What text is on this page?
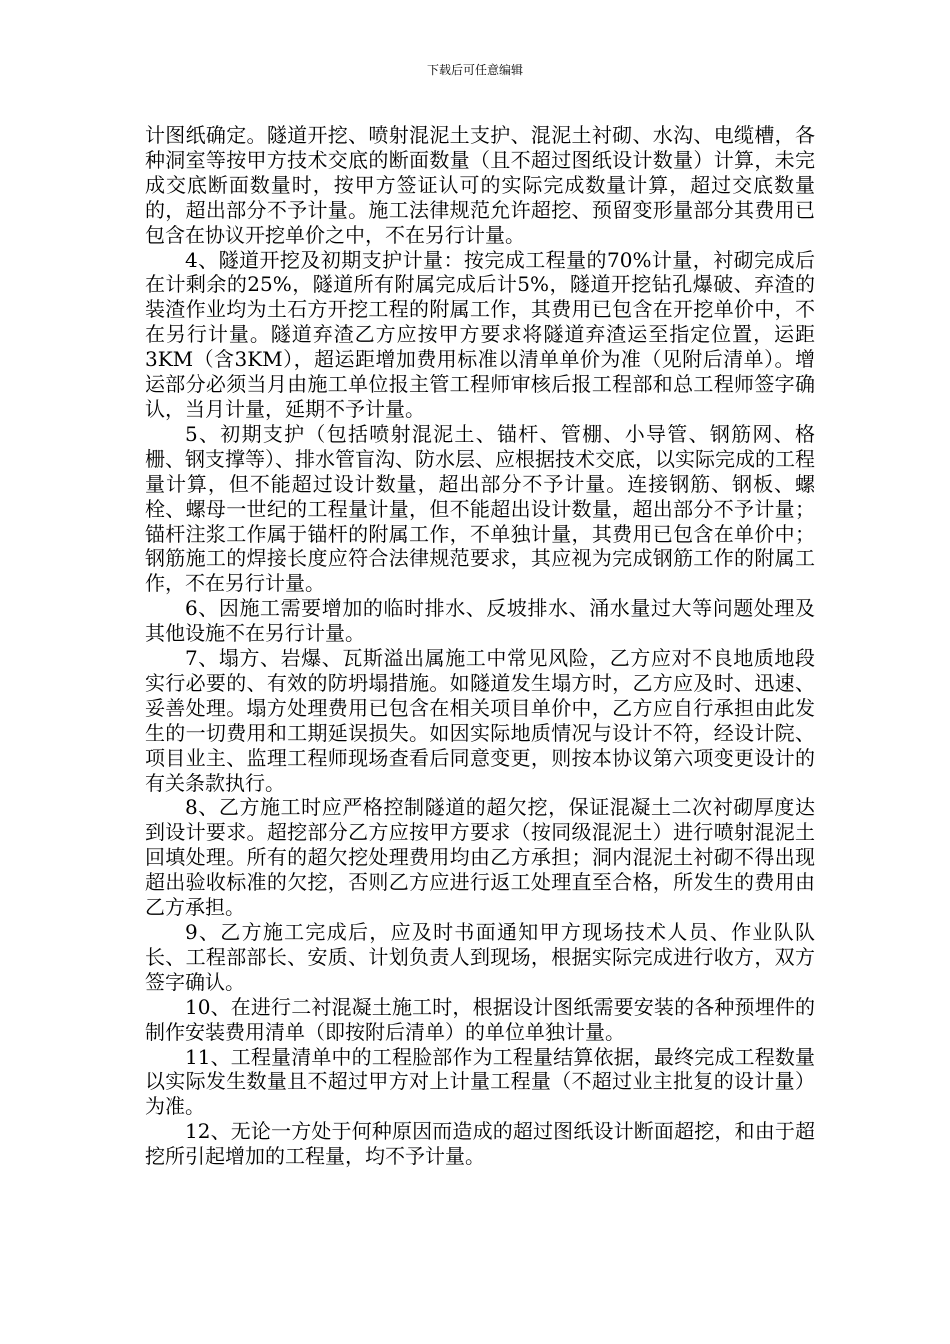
下载后可任意编辑

计图纸确定。隧道开挖、喷射混泥土支护、混泥土衬砌、水沟、电缆槽，各种洞室等按甲方技术交底的断面数量（且不超过图纸设计数量）计算，未完成交底断面数量时，按甲方签证认可的实际完成数量计算，超过交底数量的，超出部分不予计量。施工法律规范允许超挖、预留变形量部分其费用已包含在协议开挖单价之中，不在另行计量。

4、隧道开挖及初期支护计量：按完成工程量的70%计量，衬砌完成后在计剩余的25%，隧道所有附属完成后计5%，隧道开挖钻孔爆破、弃渣的装渣作业均为土石方开挖工程的附属工作，其费用已包含在开挖单价中，不在另行计量。隧道弃渣乙方应按甲方要求将隧道弃渣运至指定位置，运距3KM（含3KM），超运距增加费用标准以清单单价为准（见附后清单）。增运部分必须当月由施工单位报主管工程师审核后报工程部和总工程师签字确认，当月计量，延期不予计量。

5、初期支护（包括喷射混泥土、锚杆、管棚、小导管、钢筋网、格栅、钢支撑等）、排水管盲沟、防水层、应根据技术交底，以实际完成的工程量计算，但不能超过设计数量，超出部分不予计量。连接钢筋、钢板、螺栓、螺母一世纪的工程量计量，但不能超出设计数量，超出部分不予计量；锚杆注浆工作属于锚杆的附属工作，不单独计量，其费用已包含在单价中；钢筋施工的焊接长度应符合法律规范要求，其应视为完成钢筋工作的附属工作，不在另行计量。

6、因施工需要增加的临时排水、反坡排水、涌水量过大等问题处理及其他设施不在另行计量。

7、塌方、岩爆、瓦斯溢出属施工中常见风险，乙方应对不良地质地段实行必要的、有效的防坍塌措施。如隧道发生塌方时，乙方应及时、迅速、妥善处理。塌方处理费用已包含在相关项目单价中，乙方应自行承担由此发生的一切费用和工期延误损失。如因实际地质情况与设计不符，经设计院、项目业主、监理工程师现场查看后同意变更，则按本协议第六项变更设计的有关条款执行。

8、乙方施工时应严格控制隧道的超欠挖，保证混凝土二次衬砌厚度达到设计要求。超挖部分乙方应按甲方要求（按同级混泥土）进行喷射混泥土回填处理。所有的超欠挖处理费用均由乙方承担；洞内混泥土衬砌不得出现超出验收标准的欠挖，否则乙方应进行返工处理直至合格，所发生的费用由乙方承担。

9、乙方施工完成后，应及时书面通知甲方现场技术人员、作业队队长、工程部部长、安质、计划负责人到现场，根据实际完成进行收方，双方签字确认。

10、在进行二衬混凝土施工时，根据设计图纸需要安装的各种预埋件的制作安装费用清单（即按附后清单）的单位单独计量。

11、工程量清单中的工程脸部作为工程量结算依据，最终完成工程数量以实际发生数量且不超过甲方对上计量工程量（不超过业主批复的设计量）为准。

12、无论一方处于何种原因而造成的超过图纸设计断面超挖，和由于超挖所引起增加的工程量，均不予计量。
